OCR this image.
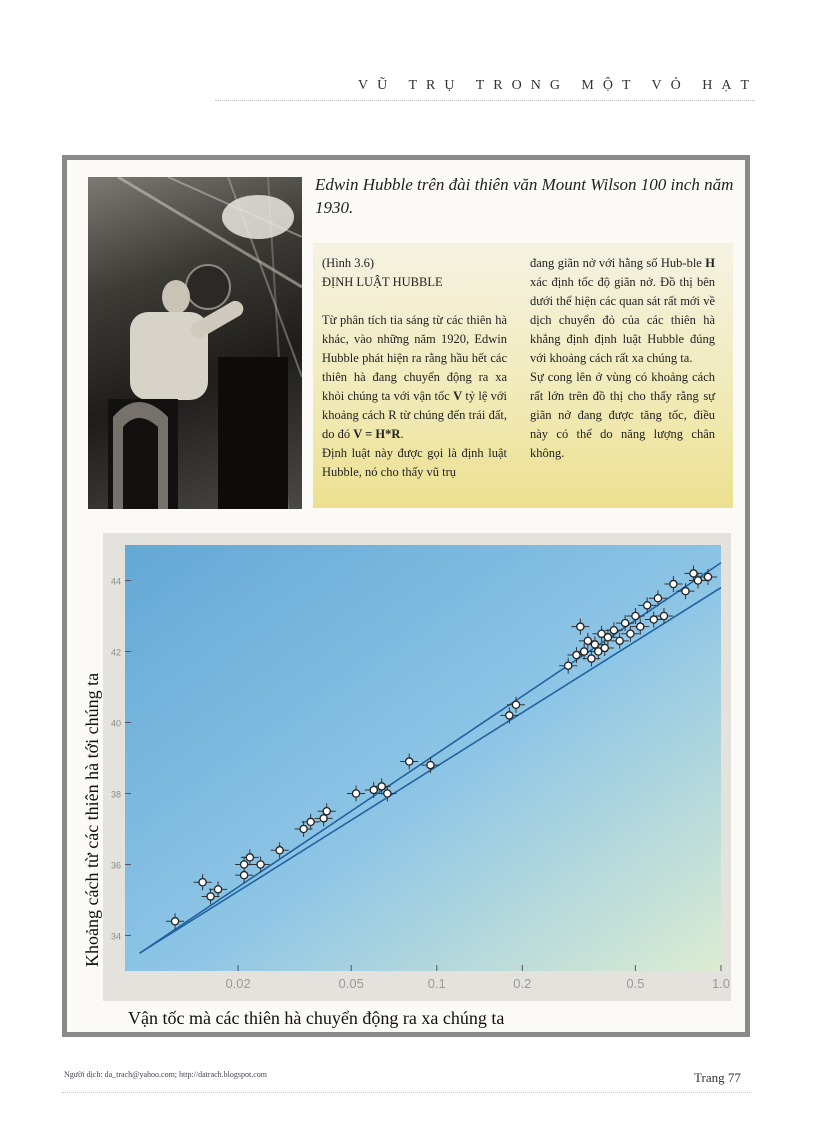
VŨ TRỤ TRONG MỘT VỎ HẠT
Edwin Hubble trên đài thiên văn Mount Wilson 100 inch năm 1930.

(Hình 3.6)

ĐỊNH LUẬT HUBBLE

Từ phân tích tia sáng từ các thiên hà khác, vào những năm 1920, Edwin Hubble phát hiện ra rằng hầu hết các thiên hà đang chuyển động ra xa khỏi chúng ta với vận tốc V tỷ lệ với khoảng cách R từ chúng đến trái đất, do đó V = H*R.

Định luật này được gọi là định luật Hubble, nó cho thấy vũ trụ

đang giãn nở với hằng số Hub-ble H xác định tốc độ giãn nở. Đồ thị bên dưới thể hiện các quan sát rất mới về dịch chuyển đỏ của các thiên hà khẳng định định luật Hubble đúng với khoảng cách rất xa chúng ta.

Sự cong lên ở vùng có khoảng cách rất lớn trên đồ thị cho thấy rằng sự giãn nở đang được tăng tốc, điều này có thể do năng lượng chân không.

34
36
38
40
42
44
0.02	0.05	0.1	0.2	0.5	1.0
Khoảng cách từ các thiên hà tới chúng ta
Vận tốc mà các thiên hà chuyển động ra xa chúng ta
Người dịch: da_trach@yahoo.com; http://datrach.blogspot.com	Trang 77
